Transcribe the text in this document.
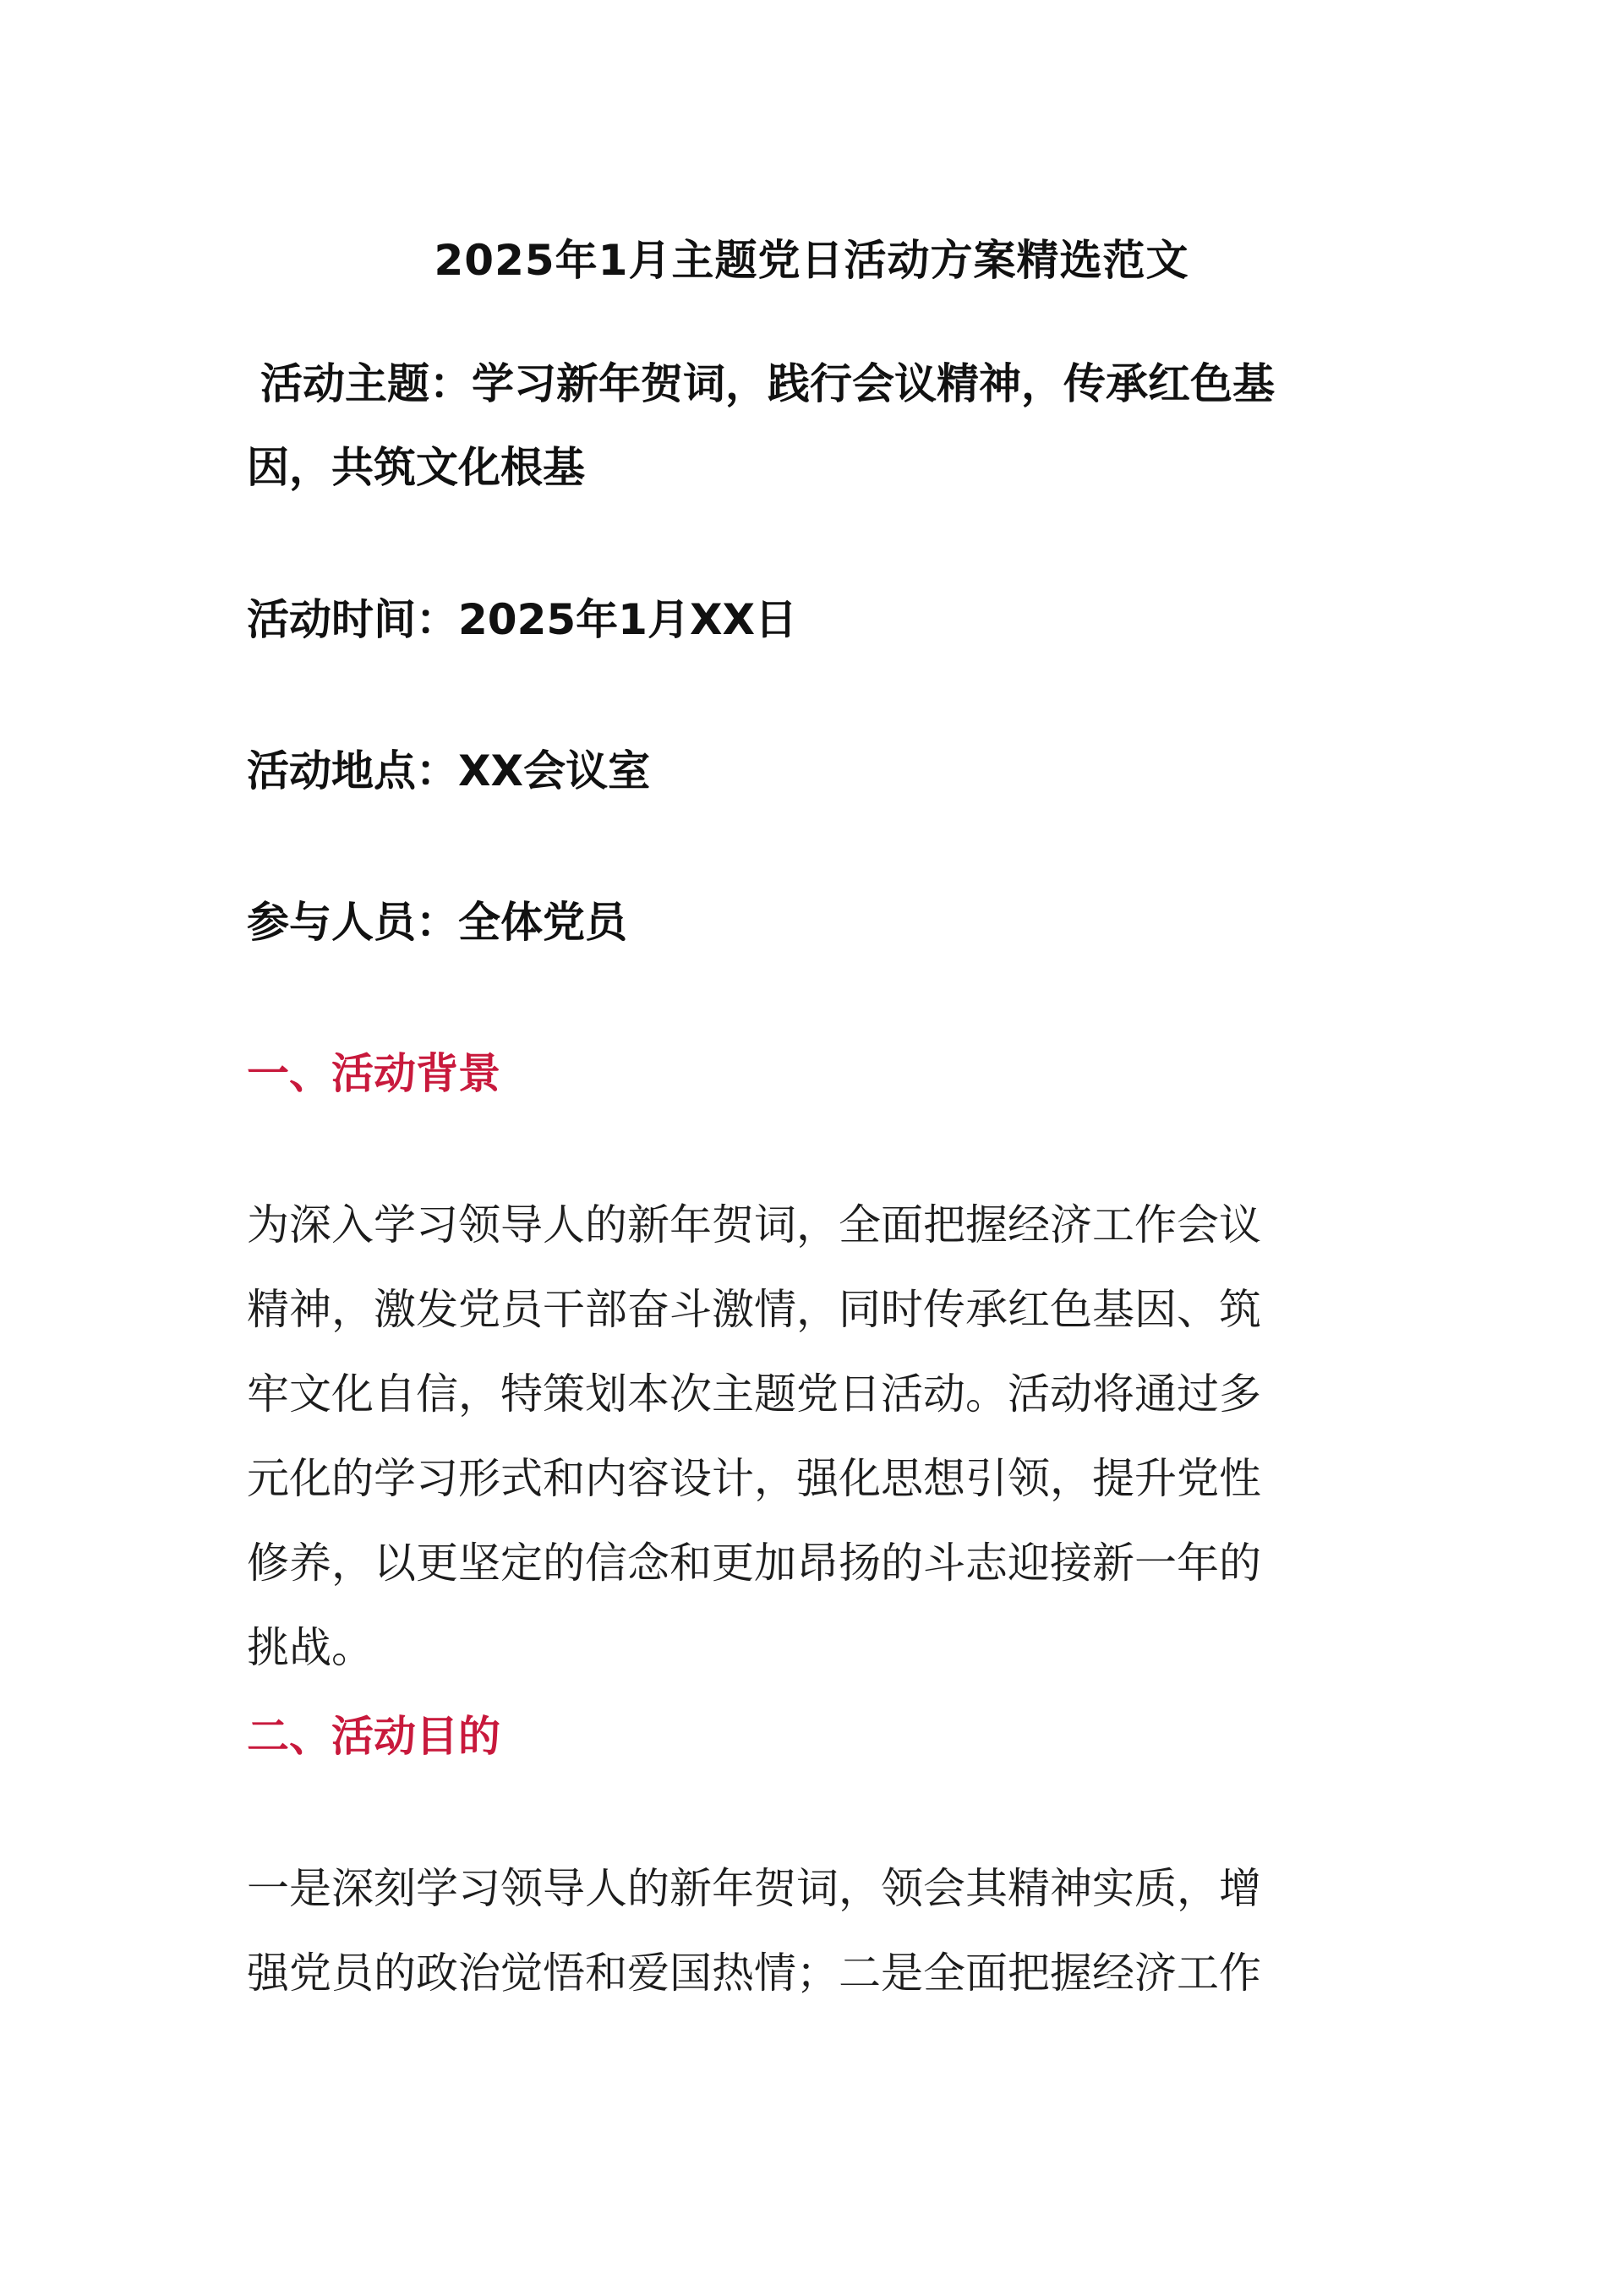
2025年1月主题党日活动方案精选范文
活动主题：学习新年贺词，践行会议精神，传承红色基
因，共筑文化根基
活动时间：2025年1月XX日
活动地点：XX会议室
参与人员：全体党员
一、活动背景
为深入学习领导人的新年贺词，全面把握经济工作会议
精神，激发党员干部奋斗激情，同时传承红色基因、筑
牢文化自信，特策划本次主题党日活动。活动将通过多
元化的学习形式和内容设计，强化思想引领，提升党性
修养，以更坚定的信念和更加昂扬的斗志迎接新一年的
挑战。
二、活动目的
一是深刻学习领导人的新年贺词，领会其精神实质，增
强党员的政治觉悟和爱国热情；二是全面把握经济工作
